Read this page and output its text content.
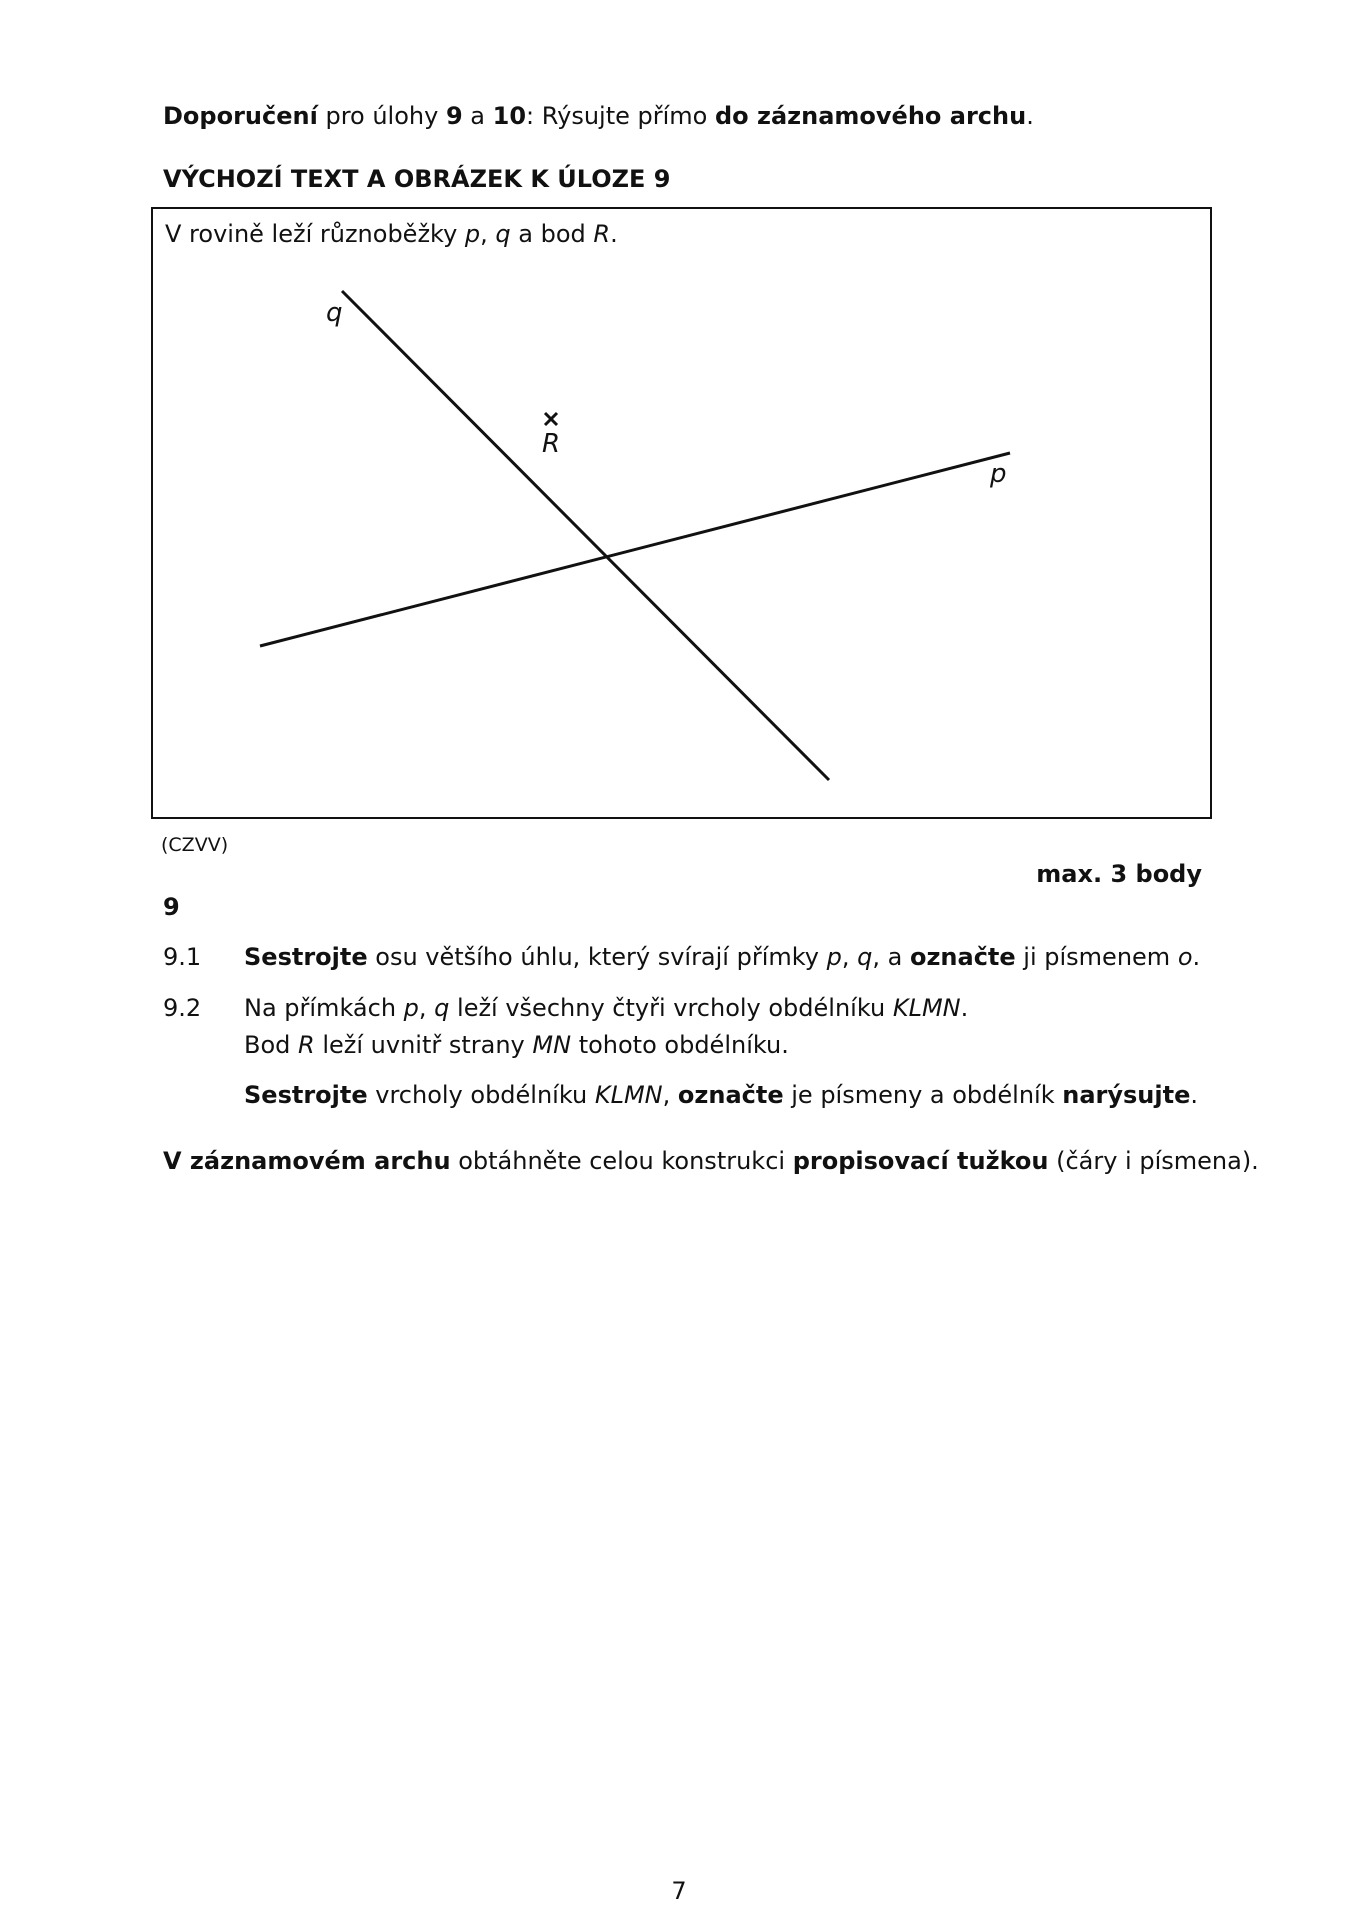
Doporučení pro úlohy 9 a 10: Rýsujte přímo do záznamového archu.
VÝCHOZÍ TEXT A OBRÁZEK K ÚLOZE 9
V rovině leží různoběžky p, q a bod R.
q
p
R
(CZVV)
max. 3 body
9
9.1 Sestrojte osu většího úhlu, který svírají přímky p, q, a označte ji písmenem o.
9.2 Na přímkách p, q leží všechny čtyři vrcholy obdélníku KLMN.
Bod R leží uvnitř strany MN tohoto obdélníku.
Sestrojte vrcholy obdélníku KLMN, označte je písmeny a obdélník narýsujte.
V záznamovém archu obtáhněte celou konstrukci propisovací tužkou (čáry i písmena).
7
